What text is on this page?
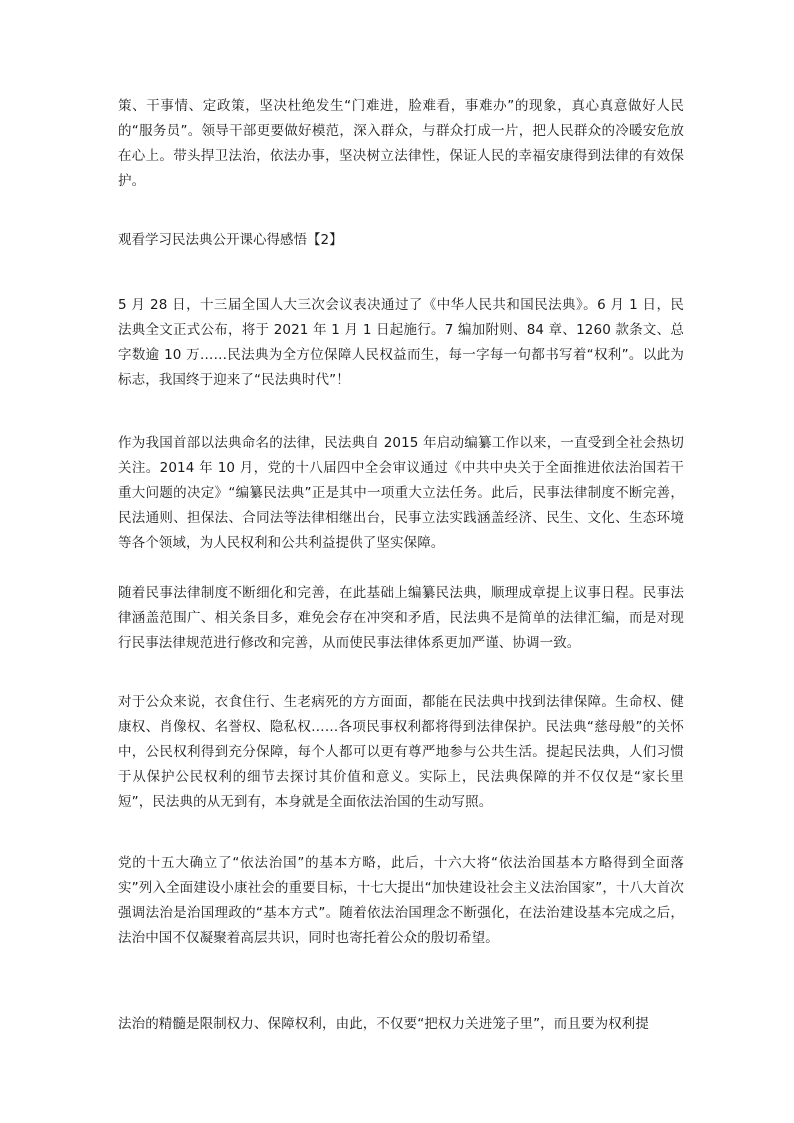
策、干事情、定政策，坚决杜绝发生“门难进，脸难看，事难办”的现象，真心真意做好人民的“服务员”。领导干部更要做好模范，深入群众，与群众打成一片，把人民群众的冷暖安危放在心上。带头捍卫法治，依法办事，坚决树立法律性，保证人民的幸福安康得到法律的有效保护。

观看学习民法典公开课心得感悟【2】

5 月 28 日，十三届全国人大三次会议表决通过了《中华人民共和国民法典》。6 月 1 日，民法典全文正式公布，将于 2021 年 1 月 1 日起施行。7 编加附则、84 章、1260 款条文、总字数逾 10 万……民法典为全方位保障人民权益而生，每一字每一句都书写着“权利”。以此为标志，我国终于迎来了“民法典时代”！

作为我国首部以法典命名的法律，民法典自 2015 年启动编纂工作以来，一直受到全社会热切关注。2014 年 10 月，党的十八届四中全会审议通过《中共中央关于全面推进依法治国若干重大问题的决定》“编纂民法典”正是其中一项重大立法任务。此后，民事法律制度不断完善，民法通则、担保法、合同法等法律相继出台，民事立法实践涵盖经济、民生、文化、生态环境等各个领域，为人民权利和公共利益提供了坚实保障。

随着民事法律制度不断细化和完善，在此基础上编纂民法典，顺理成章提上议事日程。民事法律涵盖范围广、相关条目多，难免会存在冲突和矛盾，民法典不是简单的法律汇编，而是对现行民事法律规范进行修改和完善，从而使民事法律体系更加严谨、协调一致。

对于公众来说，衣食住行、生老病死的方方面面，都能在民法典中找到法律保障。生命权、健康权、肖像权、名誉权、隐私权……各项民事权利都将得到法律保护。民法典“慈母般”的关怀中，公民权利得到充分保障，每个人都可以更有尊严地参与公共生活。提起民法典，人们习惯于从保护公民权利的细节去探讨其价值和意义。实际上，民法典保障的并不仅仅是“家长里短”，民法典的从无到有，本身就是全面依法治国的生动写照。

党的十五大确立了“依法治国”的基本方略，此后，十六大将“依法治国基本方略得到全面落实”列入全面建设小康社会的重要目标，十七大提出“加快建设社会主义法治国家”，十八大首次强调法治是治国理政的“基本方式”。随着依法治国理念不断强化，在法治建设基本完成之后，法治中国不仅凝聚着高层共识，同时也寄托着公众的殷切希望。

法治的精髓是限制权力、保障权利，由此，不仅要“把权力关进笼子里”，而且要为权利提
